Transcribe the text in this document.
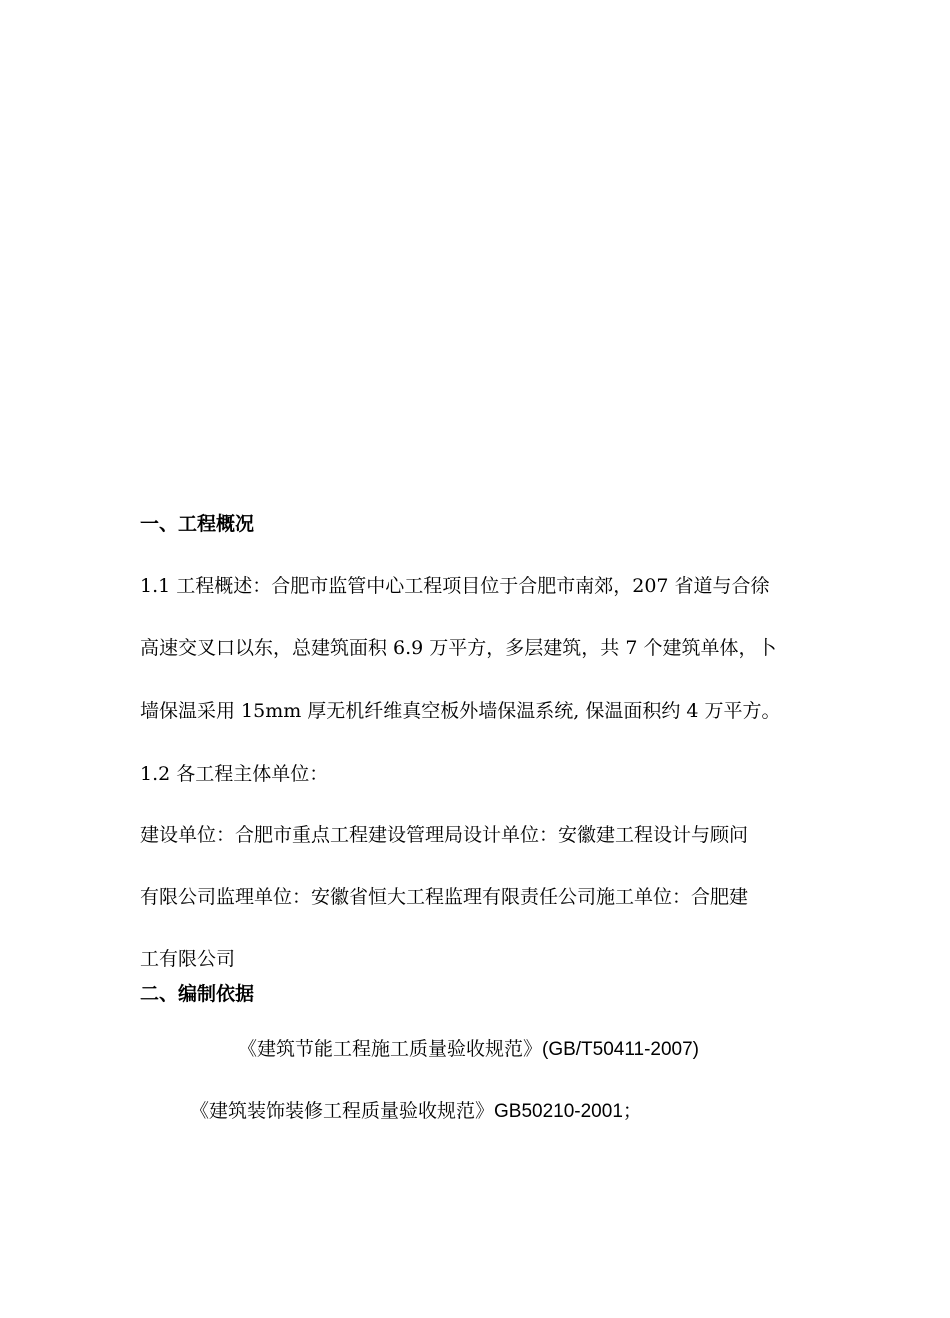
一、工程概况
1.1 工程概述：合肥市监管中心工程项目位于合肥市南郊，207 省道与合徐
高速交叉口以东，总建筑面积 6.9 万平方，多层建筑，共 7 个建筑单体，卜
墙保温采用 15mm 厚无机纤维真空板外墙保温系统, 保温面积约 4 万平方。
1.2 各工程主体单位：
建设单位：合肥市重点工程建设管理局设计单位：安徽建工程设计与顾问
有限公司监理单位：安徽省恒大工程监理有限责任公司施工单位：合肥建
工有限公司
二、编制依据
《建筑节能工程施工质量验收规范》(GB/T50411-2007)
《建筑装饰装修工程质量验收规范》GB50210-2001；
